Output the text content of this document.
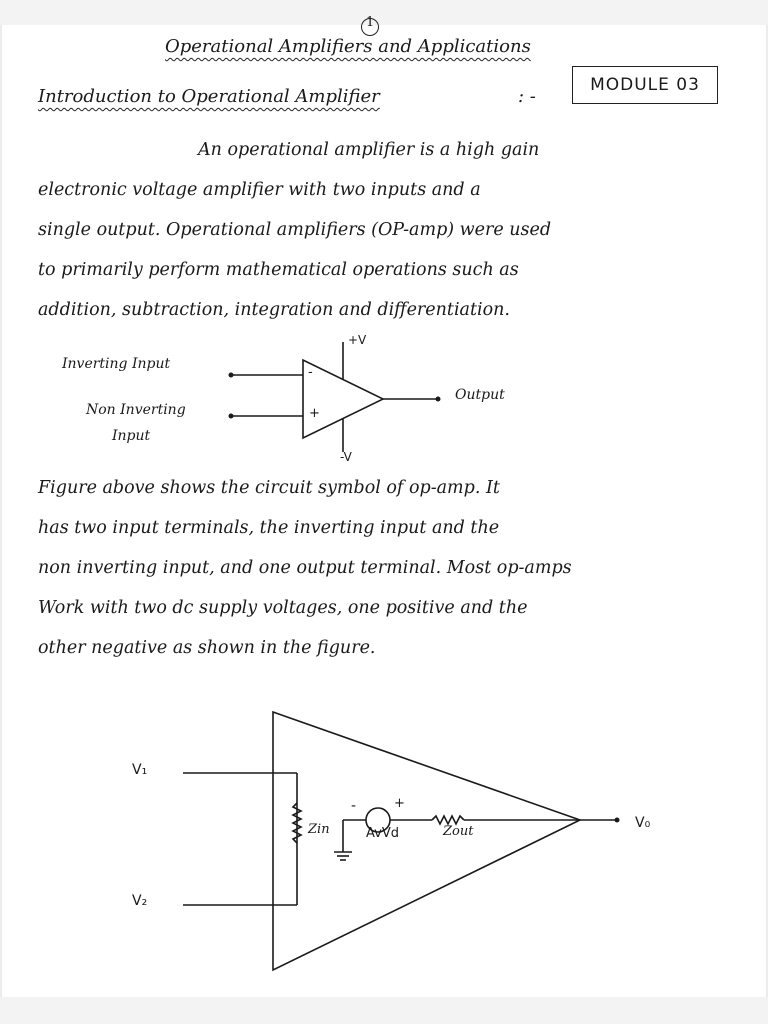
1
Operational Amplifiers and Applications
MODULE 03
Introduction to Operational Amplifier	: -
An operational amplifier is a high gain
electronic voltage amplifier with two inputs and a
single output. Operational amplifiers (OP-amp) were used
to primarily perform mathematical operations such as
addition, subtraction, integration and differentiation.
Inverting Input
Non Inverting
Input
-
+
+V
-V
Output
Figure above shows the circuit symbol of op-amp. It
has two input terminals, the inverting input and the
non inverting input, and one output terminal. Most op-amps
Work with two dc supply voltages, one positive and the
other negative as shown in the figure.
V₁
V₂
Zin
-	+
AvVd	Zout
V₀
